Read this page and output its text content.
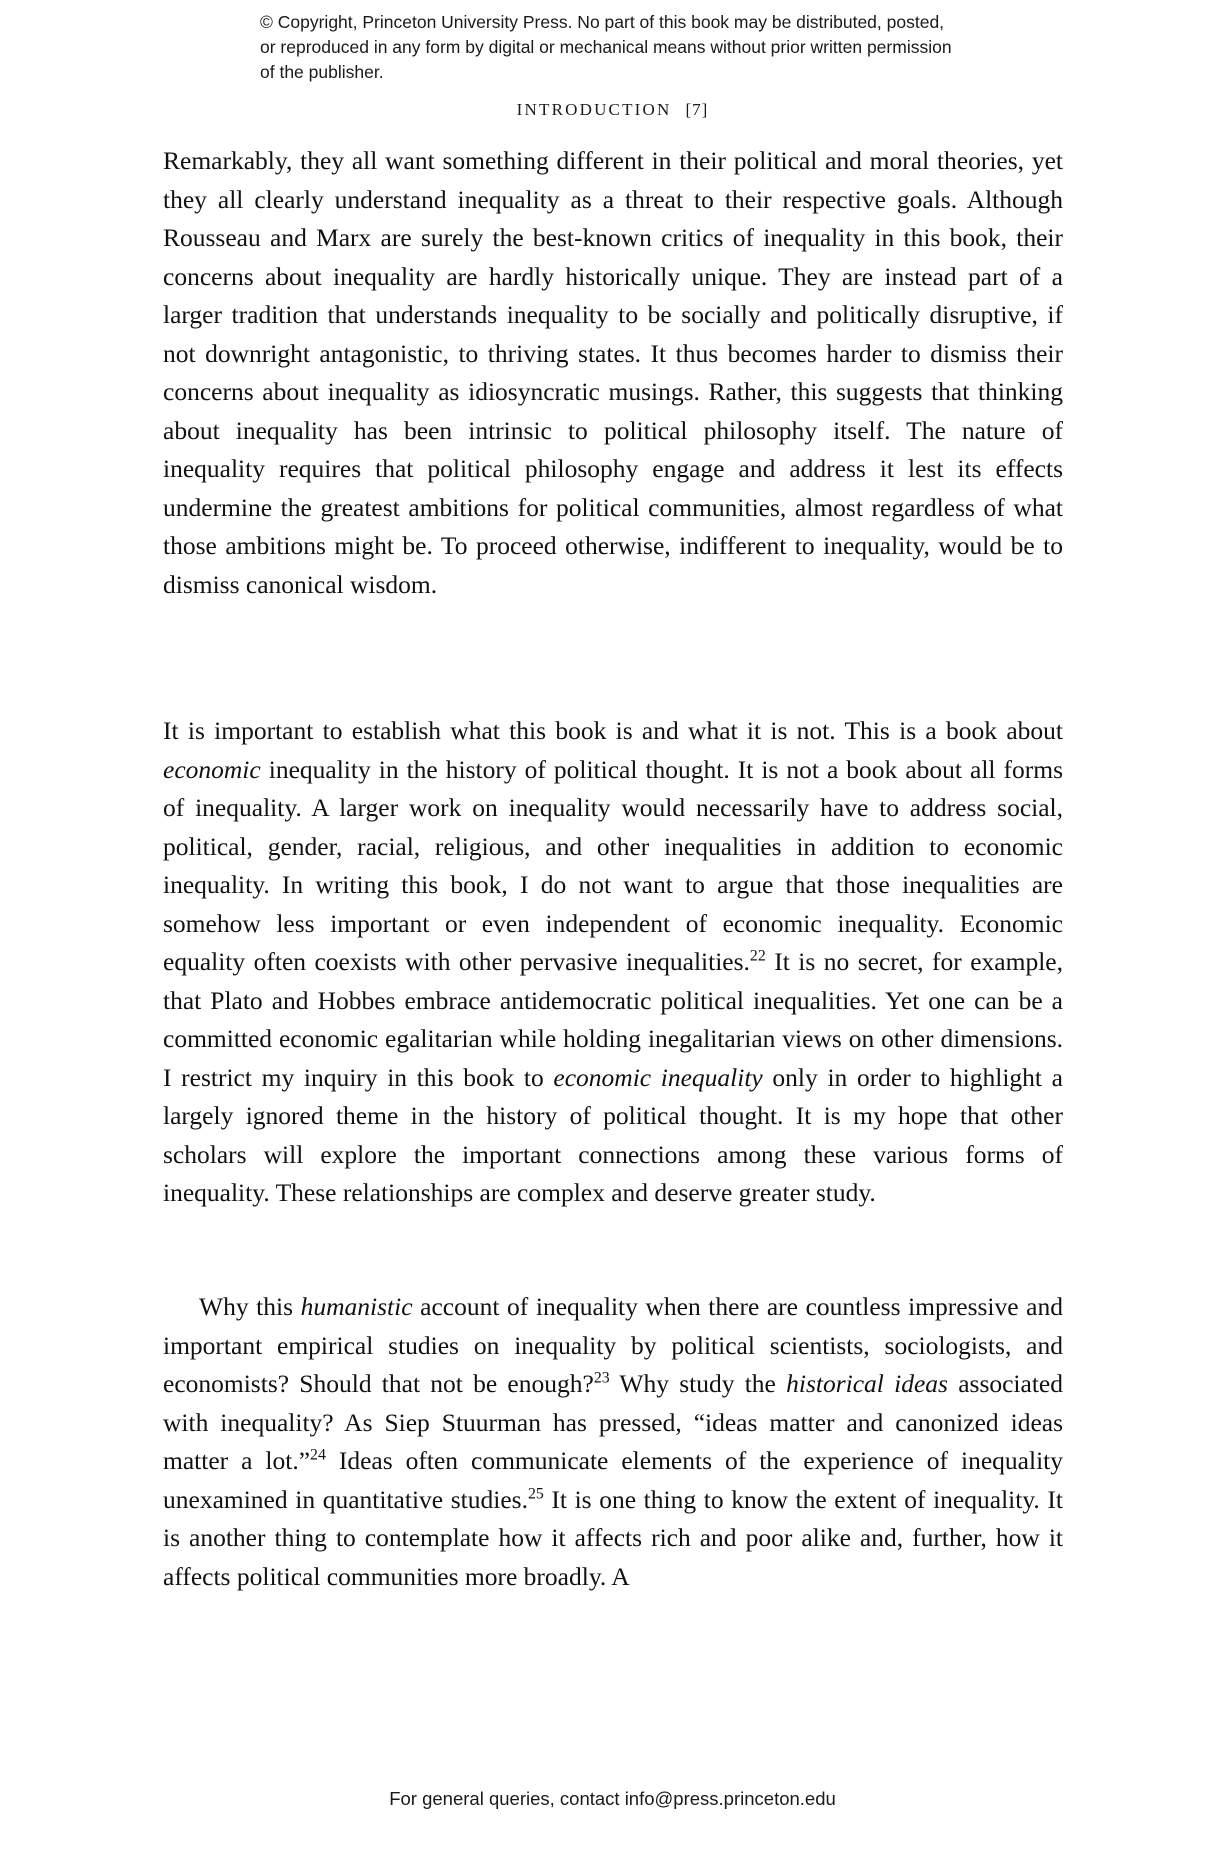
© Copyright, Princeton University Press. No part of this book may be distributed, posted, or reproduced in any form by digital or mechanical means without prior written permission of the publisher.
INTRODUCTION [7]

Remarkably, they all want something different in their political and moral theories, yet they all clearly understand inequality as a threat to their respective goals. Although Rousseau and Marx are surely the best-known critics of inequality in this book, their concerns about inequality are hardly historically unique. They are instead part of a larger tradition that understands inequality to be socially and politically disruptive, if not downright antagonistic, to thriving states. It thus becomes harder to dismiss their concerns about inequality as idiosyncratic musings. Rather, this suggests that thinking about inequality has been intrinsic to political philosophy itself. The nature of inequality requires that political philosophy engage and address it lest its effects undermine the greatest ambitions for political communities, almost regardless of what those ambitions might be. To proceed otherwise, indifferent to inequality, would be to dismiss canonical wisdom.

It is important to establish what this book is and what it is not. This is a book about economic inequality in the history of political thought. It is not a book about all forms of inequality. A larger work on inequality would necessarily have to address social, political, gender, racial, religious, and other inequalities in addition to economic inequality. In writing this book, I do not want to argue that those inequalities are somehow less important or even independent of economic inequality. Economic equality often coexists with other pervasive inequalities.$^{22}$ It is no secret, for example, that Plato and Hobbes embrace antidemocratic political inequalities. Yet one can be a committed economic egalitarian while holding inegalitarian views on other dimensions. I restrict my inquiry in this book to economic inequality only in order to highlight a largely ignored theme in the history of political thought. It is my hope that other scholars will explore the important connections among these various forms of inequality. These relationships are complex and deserve greater study.

Why this humanistic account of inequality when there are countless impressive and important empirical studies on inequality by political scientists, sociologists, and economists? Should that not be enough?$^{23}$ Why study the historical ideas associated with inequality? As Siep Stuurman has pressed, “ideas matter and canonized ideas matter a lot.”$^{24}$ Ideas often communicate elements of the experience of inequality unexamined in quantitative studies.$^{25}$ It is one thing to know the extent of inequality. It is another thing to contemplate how it affects rich and poor alike and, further, how it affects political communities more broadly. A

For general queries, contact info@press.princeton.edu
